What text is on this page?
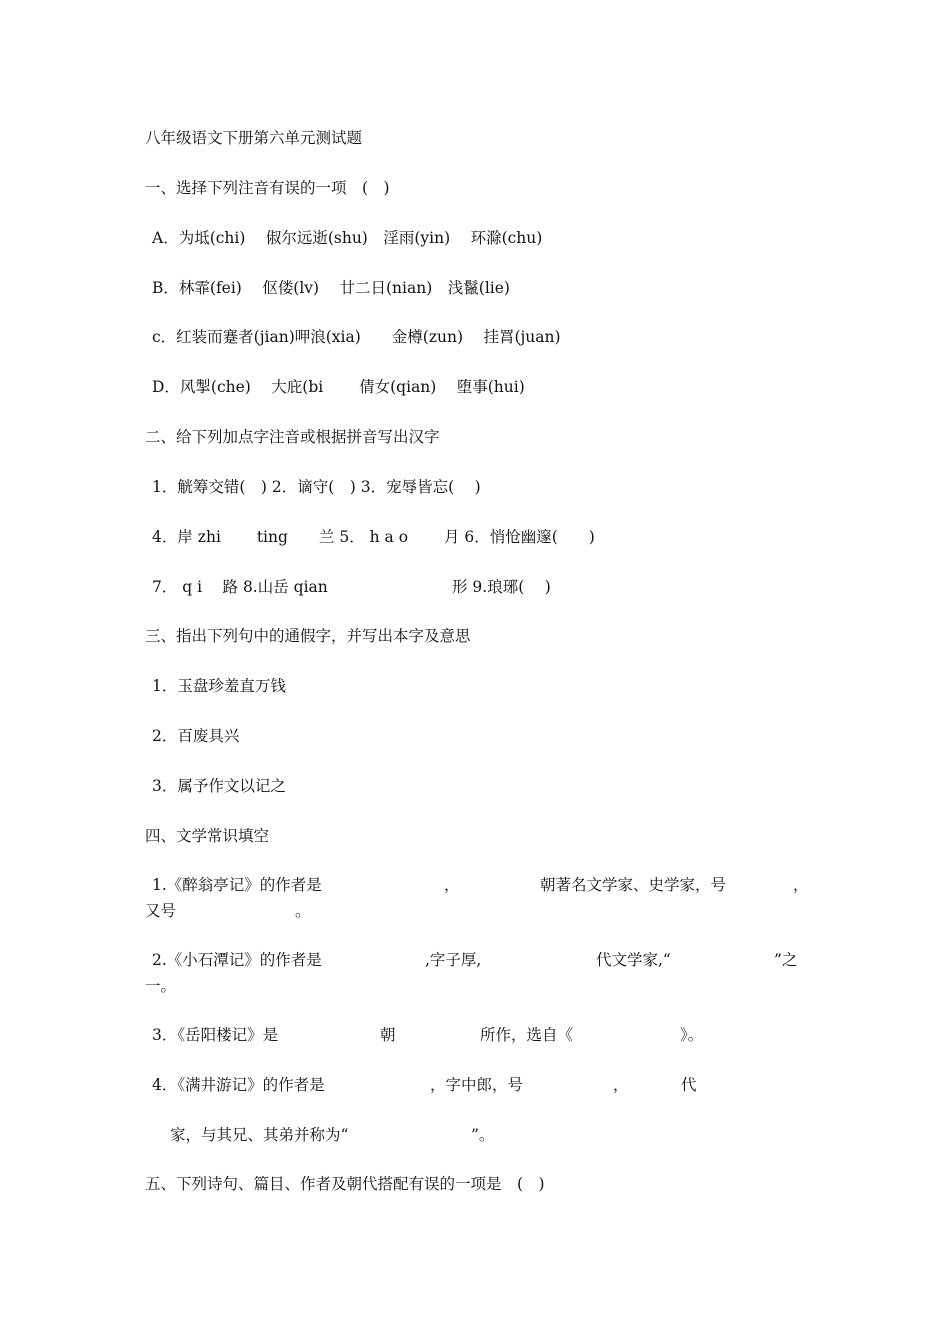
八年级语文下册第六单元测试题
一、选择下列注音有误的一项　(　)
A．为坻(chi)　 俶尔远逝(shu)　淫雨(yin)　 环滁(chu)
B．林霏(fei)　 伛偻(lv)　 廿二日(nian)　浅鬣(lie)
c．红装而蹇者(jian)呷浪(xia)　　金樽(zun)　 挂罥(juan)
D．风掣(che)　 大庇(bi　　 倩女(qian)　 堕事(hui)
二、给下列加点字注音或根据拼音写出汉字
1．觥筹交错(　) 2．谪守(　) 3．宠辱皆忘(　 )
4．岸 zhi　　 ting　　兰 5． h a o　　 月 6．悄怆幽邃(　　)
7． q i　 路 8.山岳 qian	形 9.琅琊(　 )
三、指出下列句中的通假字，并写出本字及意思
1．玉盘珍羞直万钱
2．百废具兴
3．属予作文以记之
四、文学常识填空
1.《醉翁亭记》的作者是	，	朝著名文学家、史学家，号	，
又号	。
2.《小石潭记》的作者是	,字子厚,	代文学家,“	”之
一。
3．《岳阳楼记》是	朝	所作，选自《	》。
4．《满井游记》的作者是	，字中郎，号	，	代
家，与其兄、其弟并称为“	”。
五、下列诗句、篇目、作者及朝代搭配有误的一项是　(　)
